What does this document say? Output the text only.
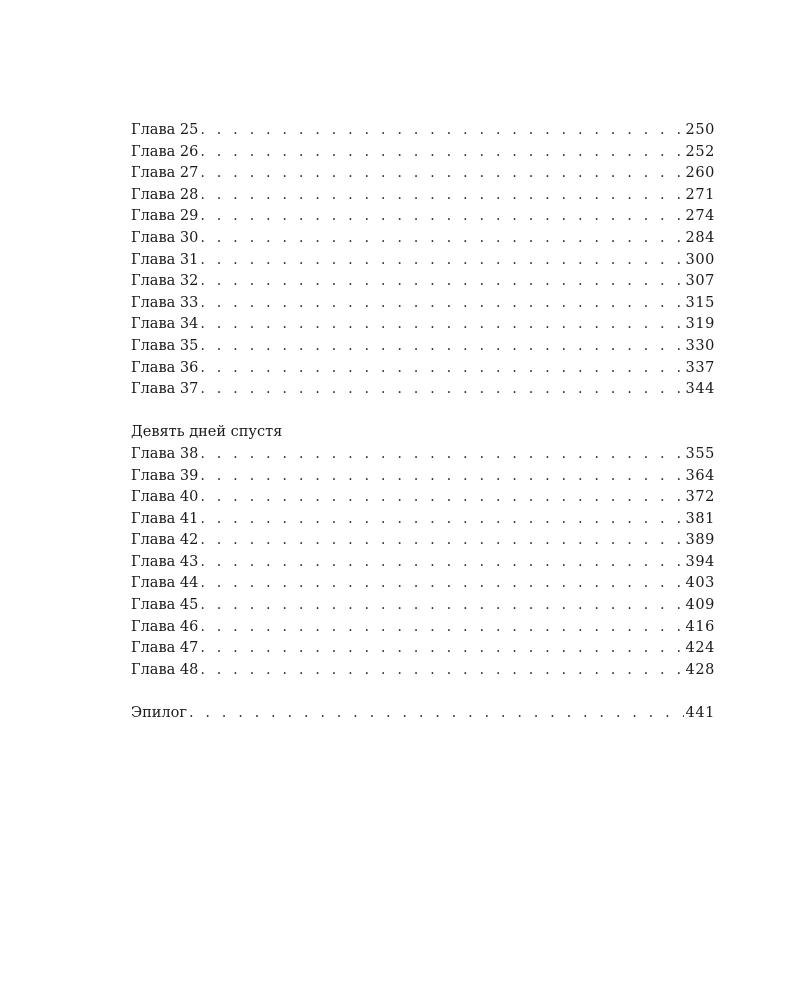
Глава 25 . . .	250
Глава 26 . . .	252
Глава 27 . . .	260
Глава 28 . . .	271
Глава 29 . . .	274
Глава 30 . . .	284
Глава 31 . . .	300
Глава 32 . . .	307
Глава 33 . . .	315
Глава 34 . . .	319
Глава 35 . . .	330
Глава 36 . . .	337
Глава 37 . . .	344
Девять дней спустя
Глава 38 . . .	355
Глава 39 . . .	364
Глава 40 . . .	372
Глава 41 . . .	381
Глава 42 . . .	389
Глава 43 . . .	394
Глава 44 . . .	403
Глава 45 . . .	409
Глава 46 . . .	416
Глава 47 . . .	424
Глава 48 . . .	428
Эпилог . . .	441
